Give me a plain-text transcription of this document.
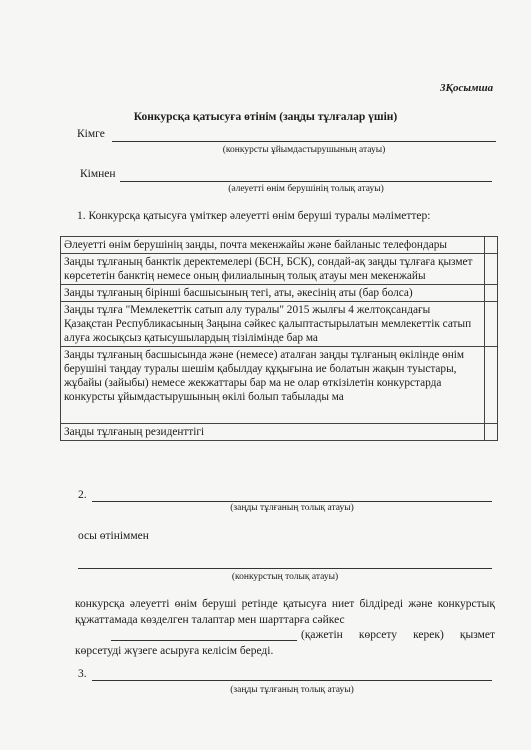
3Қосымша
Конкурсқа қатысуға өтінім (заңды тұлғалар үшін)
Кімге
(конкурсты ұйымдастырушының атауы)
Кімнен
(әлеуетті өнім берушінің толық атауы)
1. Конкурсқа қатысуға үміткер әлеуетті өнім беруші туралы мәліметтер:
Әлеуетті өнім берушінің заңды, почта мекенжайы және байланыс телефондары	
Заңды тұлғаның банктік деректемелері (БСН, БСК), сондай-ақ заңды тұлғаға қызмет көрсететін банктің немесе оның филиалының толық атауы мен мекенжайы	
Заңды тұлғаның бірінші басшысының тегі, аты, әкесінің аты (бар болса)	
Заңды тұлға "Мемлекеттік сатып алу туралы" 2015 жылғы 4 желтоқсандағы Қазақстан Республикасының Заңына сәйкес қалыптастырылатын мемлекеттік сатып алуға жосықсыз қатысушылардың тізілімінде бар ма	
Заңды тұлғаның басшысында және (немесе) аталған заңды тұлғаның өкілінде өнім берушіні таңдау туралы шешім қабылдау құқығына ие болатын жақын туыстары, жұбайы (зайыбы) немесе жекжаттары бар ма не олар өткізілетін конкурстарда конкурсты ұйымдастырушының өкілі болып табылады ма	
Заңды тұлғаның резиденттігі	
2.
(заңды тұлғаның толық атауы)
осы өтініммен
(конкурстың толық атауы)
конкурсқа әлеуетті өнім беруші ретінде қатысуға ниет білдіреді және конкурстық құжаттамада көзделген талаптар мен шарттарға сәйкес
(қажетін көрсету керек) қызмет көрсетуді жүзеге асыруға келісім береді.
3.
(заңды тұлғаның толық атауы)
